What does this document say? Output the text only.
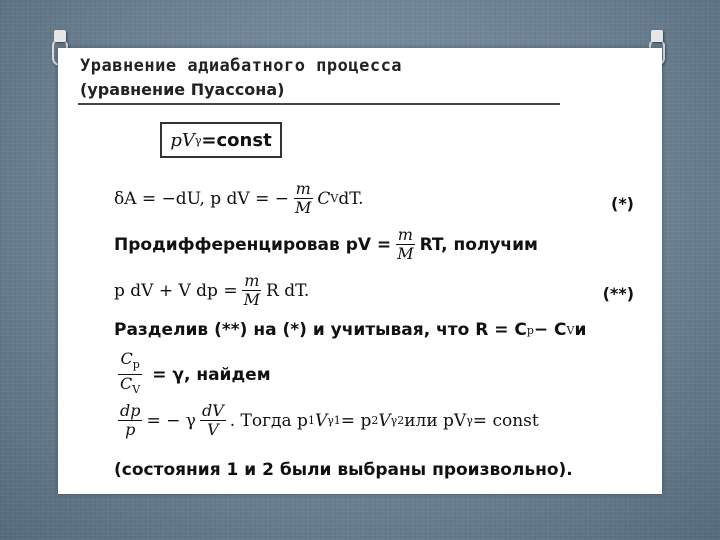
Уравнение адиабатного процесса
(уравнение Пуассона)
p V γ =const
δA = −dU, p dV = − $\frac{m}{M}$ C V dT.	(*)
Продифференцировав pV = $\frac{m}{M}$ RT, получим
p dV + V dp = $\frac{m}{M}$ R dT.	(**)
Разделив (**) на (*) и учитывая, что R = C p − C V и
$\frac{C_p}{C_V} = \gamma$, найдем
$\frac{dp}{p}$ = − γ $\frac{dV}{V}$ . Тогда p 1 V γ 1 = p 2 V γ 2 или pV γ = const
(состояния 1 и 2 были выбраны произвольно).
